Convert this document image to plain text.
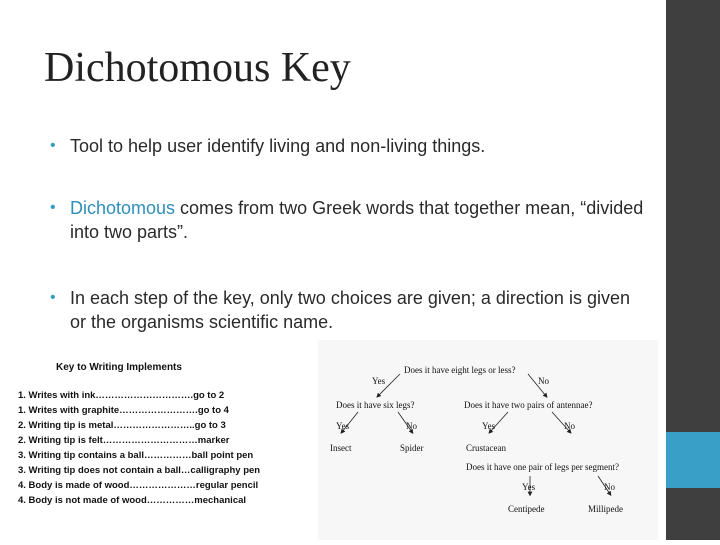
Dichotomous Key
• Tool to help user identify living and non-living things.
• Dichotomous comes from two Greek words that together mean, “divided into two parts”.
• In each step of the key, only two choices are given; a direction is given or the organisms scientific name.
Key to Writing Implements
1. Writes with ink………………………….go to 2
1. Writes with graphite…………………….go to 4
2. Writing tip is metal……………………..go to 3
2. Writing tip is felt…………………………marker
3. Writing tip contains a ball……………ball point pen
3. Writing tip does not contain a ball…calligraphy pen
4. Body is made of wood…………………regular pencil
4. Body is not made of wood……………mechanical
Does it have eight legs or less?
Yes	No
Does it have six legs?	Does it have two pairs of antennae?
Yes	No	Yes	No
Insect	Spider	Crustacean
Does it have one pair of legs per segment?
Yes	No
Centipede	Millipede
